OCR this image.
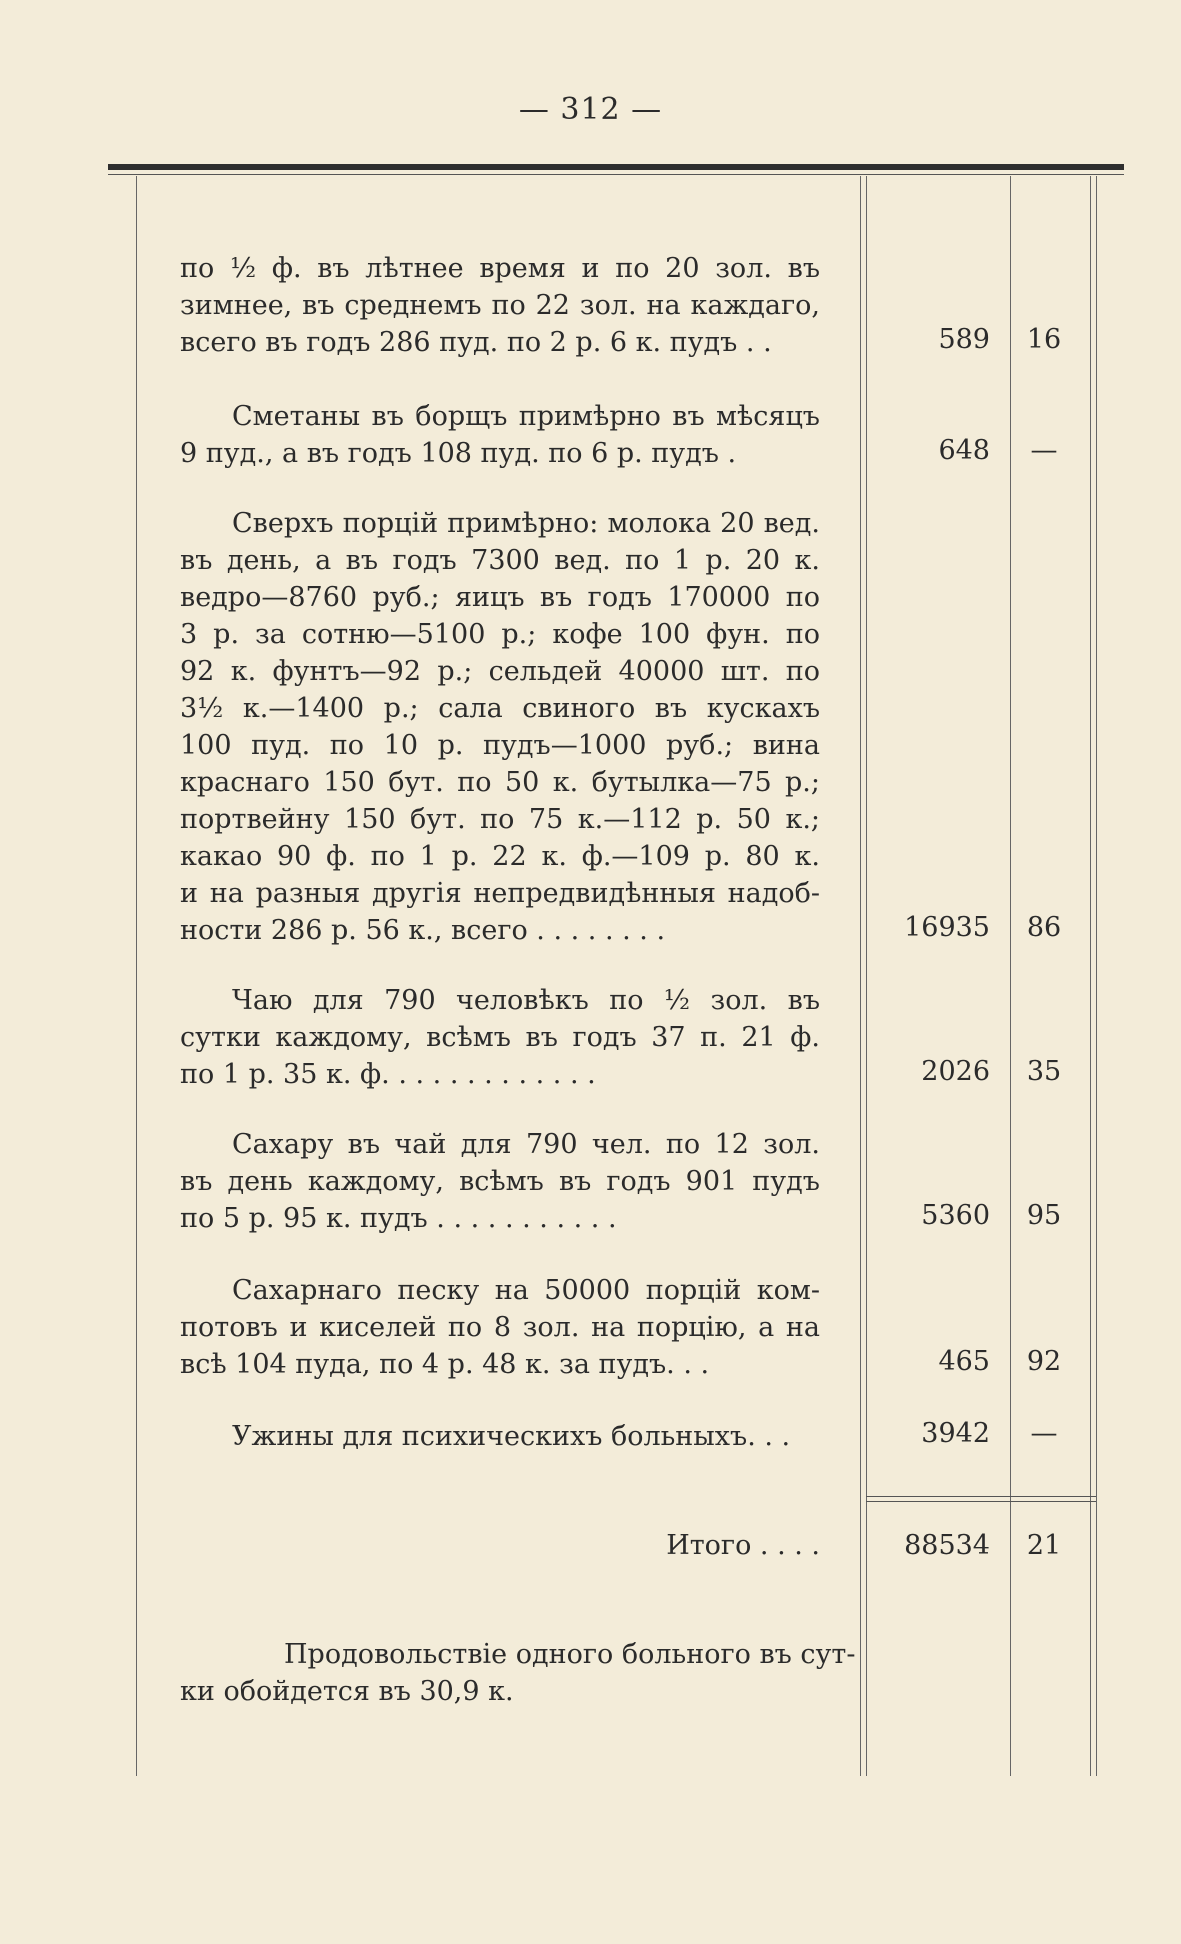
— 312 —
по ½ ф. въ лѣтнее время и по 20 зол. въ
зимнее, въ среднемъ по 22 зол. на каждаго,
всего въ годъ 286 пуд. по 2 р. 6 к. пудъ . .	589 16
Сметаны въ борщъ примѣрно въ мѣсяцъ
9 пуд., а въ годъ 108 пуд. по 6 р. пудъ .	648	—
Сверхъ порцій примѣрно: молока 20 вед.
въ день, а въ годъ 7300 вед. по 1 р. 20 к.
ведро—8760 руб.; яицъ въ годъ 170000 по
3 р. за сотню—5100 р.; кофе 100 фун. по
92 к. фунтъ—92 р.; сельдей 40000 шт. по
3½ к.—1400 р.; сала свиного въ кускахъ
100 пуд. по 10 р. пудъ—1000 руб.; вина
краснаго 150 бут. по 50 к. бутылка—75 р.;
портвейну 150 бут. по 75 к.—112 р. 50 к.;
какао 90 ф. по 1 р. 22 к. ф.—109 р. 80 к.
и на разныя другія непредвидѣнныя надоб-
ности 286 р. 56 к., всего . . . . . . . .	16935 86
Чаю для 790 человѣкъ по ½ зол. въ
сутки каждому, всѣмъ въ годъ 37 п. 21 ф.
по 1 р. 35 к. ф. . . . . . . . . . . . .	2026 35
Сахару въ чай для 790 чел. по 12 зол.
въ день каждому, всѣмъ въ годъ 901 пудъ
по 5 р. 95 к. пудъ . . . . . . . . . . .	5360 95
Сахарнаго песку на 50000 порцій ком-
потовъ и киселей по 8 зол. на порцію, а на
всѣ 104 пуда, по 4 р. 48 к. за пудъ. . .	465 92
Ужины для психическихъ больныхъ. . .	3942	—
Итого . . . .	88534 21
Продовольствіе одного больного въ сут-
ки обойдется въ 30,9 к.
